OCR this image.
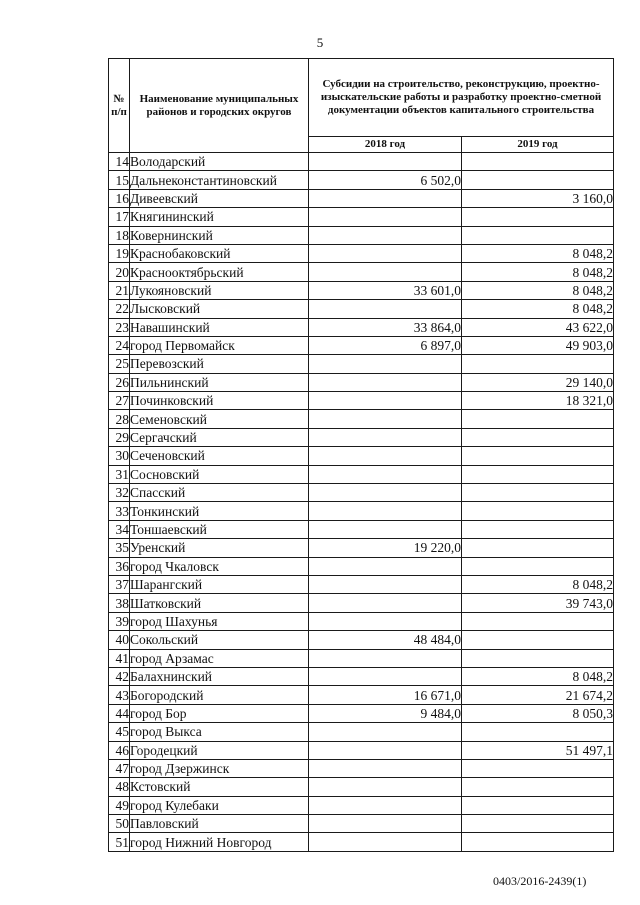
5
№ п/п	Наименование муниципальных районов и городских округов	Субсидии на строительство, реконструкцию, проектно-изыскательские работы и разработку проектно-сметной документации объектов капитального строительства	
		2018 год	2019 год
14	Володарский		
15	Дальнеконстантиновский	6 502,0	
16	Дивеевский		3 160,0
17	Княгининский		
18	Ковернинский		
19	Краснобаковский		8 048,2
20	Краснооктябрьский		8 048,2
21	Лукояновский	33 601,0	8 048,2
22	Лысковский		8 048,2
23	Навашинский	33 864,0	43 622,0
24	город Первомайск	6 897,0	49 903,0
25	Перевозский		
26	Пильнинский		29 140,0
27	Починковский		18 321,0
28	Семеновский		
29	Сергачский		
30	Сеченовский		
31	Сосновский		
32	Спасский		
33	Тонкинский		
34	Тоншаевский		
35	Уренский	19 220,0	
36	город Чкаловск		
37	Шарангский		8 048,2
38	Шатковский		39 743,0
39	город Шахунья		
40	Сокольский	48 484,0	
41	город Арзамас		
42	Балахнинский		8 048,2
43	Богородский	16 671,0	21 674,2
44	город Бор	9 484,0	8 050,3
45	город Выкса		
46	Городецкий		51 497,1
47	город Дзержинск		
48	Кстовский		
49	город Кулебаки		
50	Павловский		
51	город Нижний Новгород		
0403/2016-2439(1)
